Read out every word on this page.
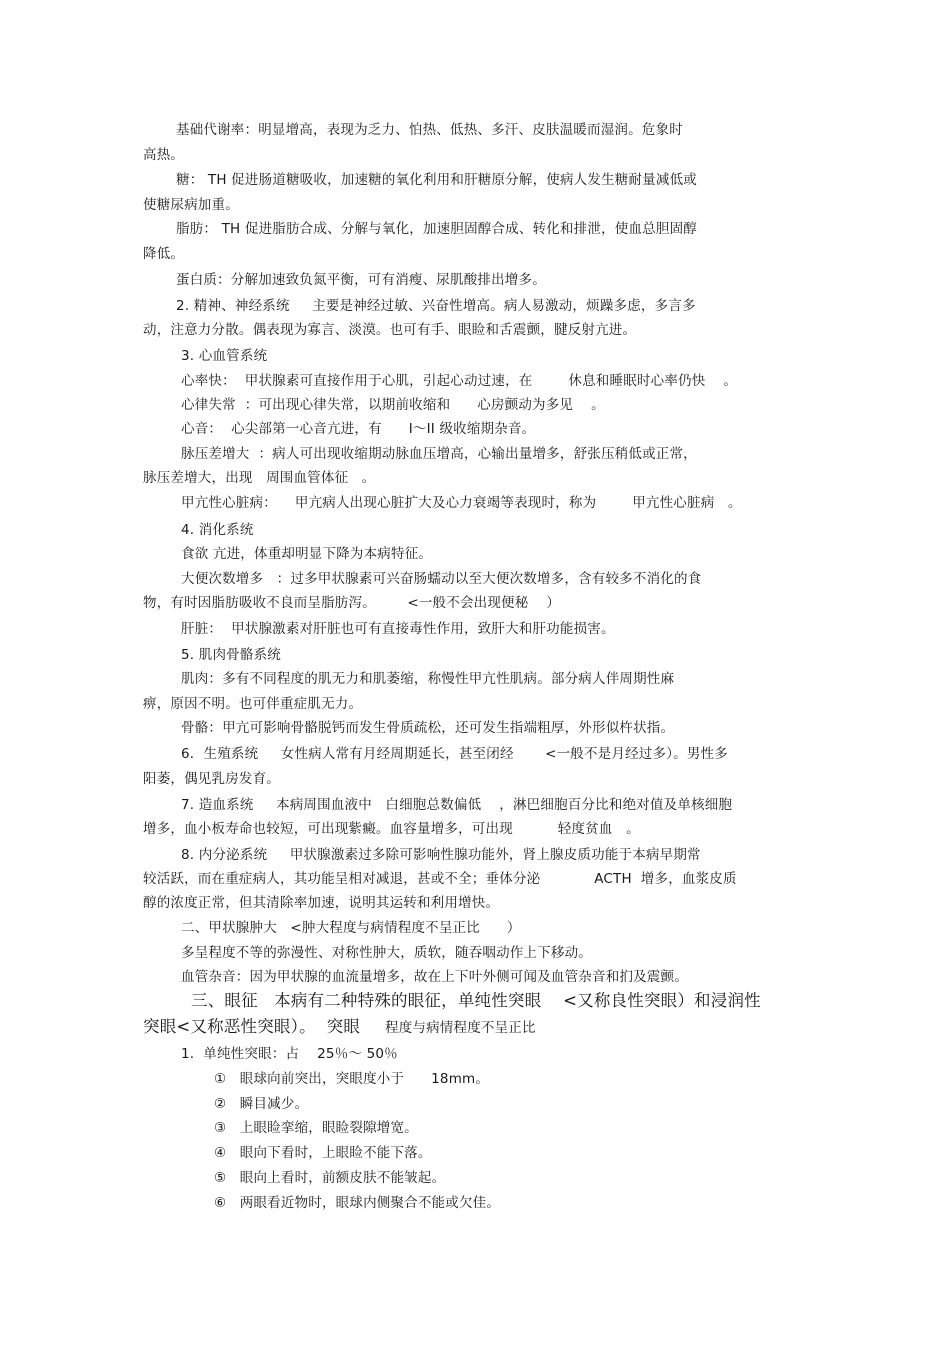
基础代谢率：明显增高，表现为乏力、怕热、低热、多汗、皮肤温暖而湿润。危象时
高热。
糖： TH 促进肠道糖吸收，加速糖的氧化利用和肝糖原分解，使病人发生糖耐量减低或
使糖尿病加重。
脂肪： TH 促进脂肪合成、分解与氧化，加速胆固醇合成、转化和排泄，使血总胆固醇
降低。
蛋白质：分解加速致负氮平衡，可有消瘦、尿肌酸排出增多。
2. 精神、神经系统     主要是神经过敏、兴奋性增高。病人易激动，烦躁多虑，多言多
动，注意力分散。偶表现为寡言、淡漠。也可有手、眼睑和舌震颤，腱反射亢进。
3. 心血管系统
心率快：  甲状腺素可直接作用于心肌，引起心动过速，在        休息和睡眠时心率仍快    。
心律失常  ：可出现心律失常，以期前收缩和      心房颤动为多见    。
心音：  心尖部第一心音亢进，有      I～II 级收缩期杂音。
脉压差增大  ：病人可出现收缩期动脉血压增高，心输出量增多，舒张压稍低或正常，
脉压差增大，出现   周围血管体征   。
甲亢性心脏病：    甲亢病人出现心脏扩大及心力衰竭等表现时，称为        甲亢性心脏病   。
4. 消化系统
食欲 亢进，体重却明显下降为本病特征。
大便次数增多   ：过多甲状腺素可兴奋肠蠕动以至大便次数增多，含有较多不消化的食
物，有时因脂肪吸收不良而呈脂肪泻。       <一般不会出现便秘    ）
肝脏：  甲状腺激素对肝脏也可有直接毒性作用，致肝大和肝功能损害。
5. 肌肉骨骼系统
肌肉：多有不同程度的肌无力和肌萎缩，称慢性甲亢性肌病。部分病人伴周期性麻
痹，原因不明。也可伴重症肌无力。
骨骼：甲亢可影响骨骼脱钙而发生骨质疏松，还可发生指端粗厚，外形似杵状指。
6．生殖系统     女性病人常有月经周期延长，甚至闭经       <一般不是月经过多）。男性多
阳萎，偶见乳房发育。
7. 造血系统     本病周围血液中   白细胞总数偏低    ，淋巴细胞百分比和绝对值及单核细胞
增多，血小板寿命也较短，可出现紫癜。血容量增多，可出现          轻度贫血   。
8. 内分泌系统     甲状腺激素过多除可影响性腺功能外，肾上腺皮质功能于本病早期常
较活跃，而在重症病人，其功能呈相对减退，甚或不全；垂体分泌            ACTH  增多，血浆皮质
醇的浓度正常，但其清除率加速，说明其运转和利用增快。
二、甲状腺肿大   <肿大程度与病情程度不呈正比      ）
多呈程度不等的弥漫性、对称性肿大，质软，随吞咽动作上下移动。
血管杂音：因为甲状腺的血流量增多，故在上下叶外侧可闻及血管杂音和扪及震颤。
三、眼征   本病有二种特殊的眼征，单纯性突眼    <又称良性突眼）和浸润性
突眼<又称恶性突眼）。  突眼 程度与病情程度不呈正比
1.  单纯性突眼：占    25％～ 50％
①   眼球向前突出，突眼度小于      18mm。
②   瞬目减少。
③   上眼睑挛缩，眼睑裂隙增宽。
④   眼向下看时，上眼睑不能下落。
⑤   眼向上看时，前额皮肤不能皱起。
⑥   两眼看近物时，眼球内侧聚合不能或欠佳。
